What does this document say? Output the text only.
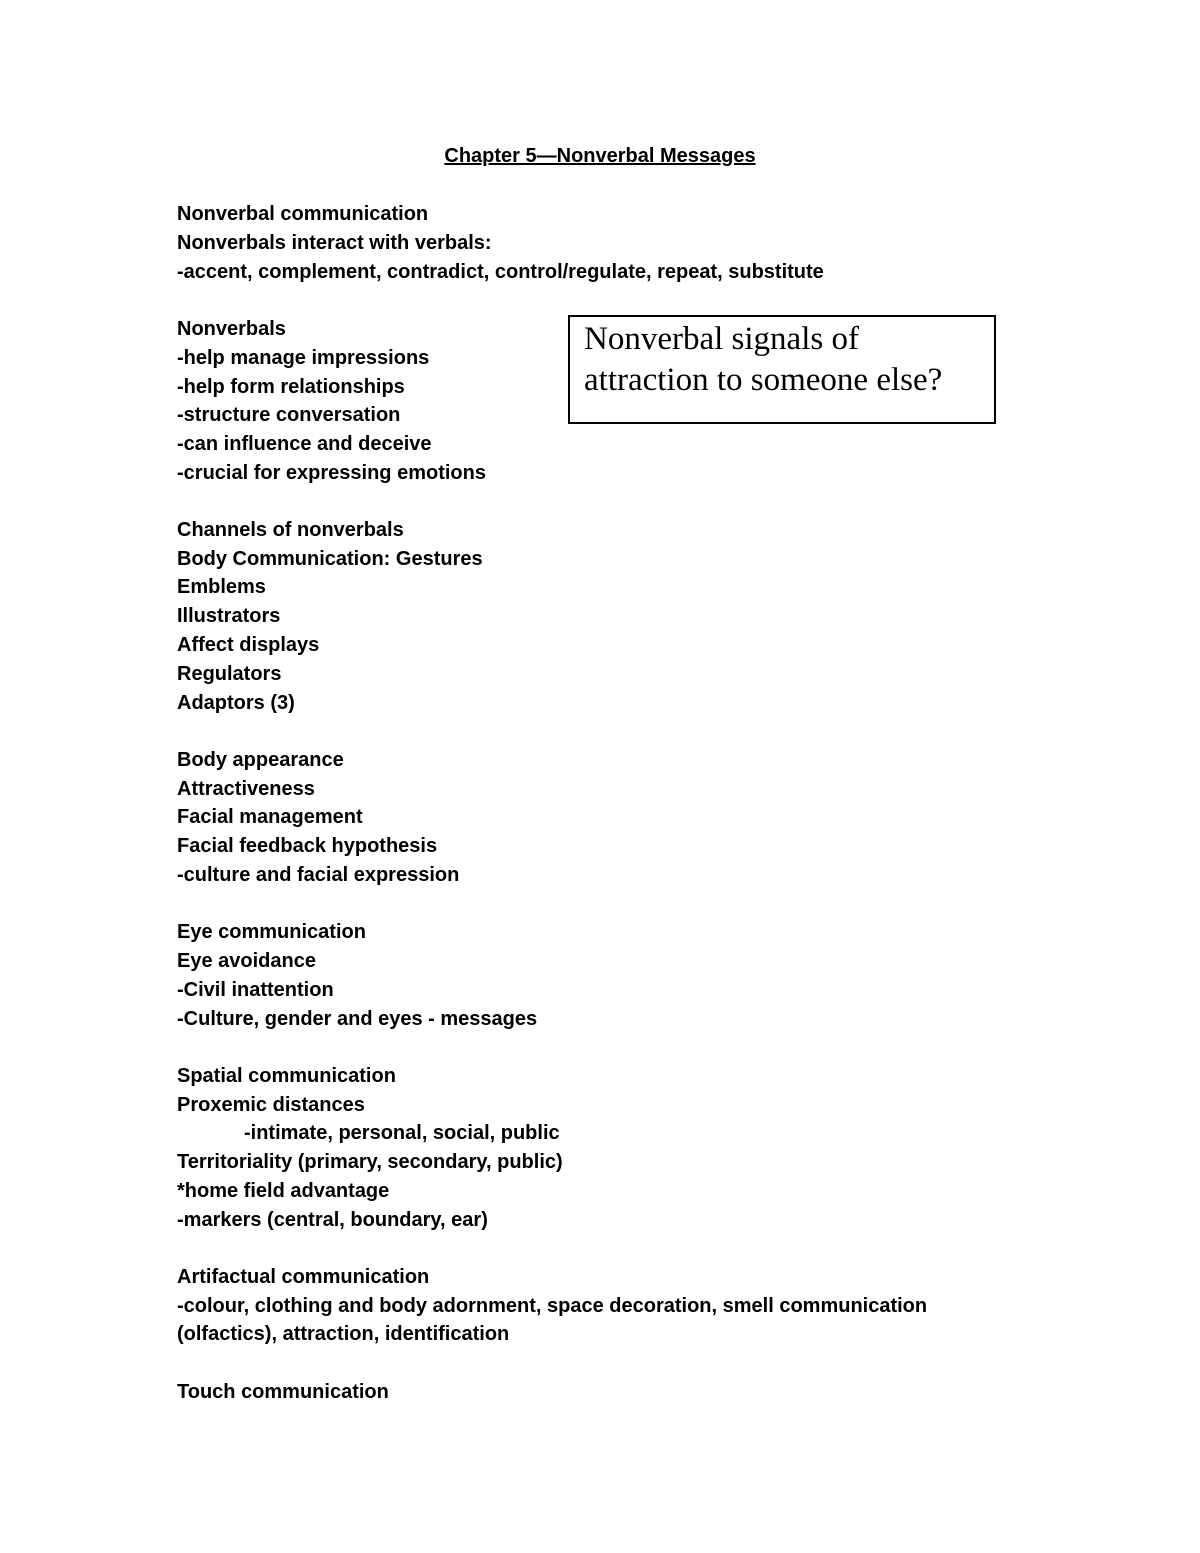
Chapter 5—Nonverbal Messages
Nonverbal communication
Nonverbals interact with verbals:
-accent, complement, contradict, control/regulate, repeat, substitute
Nonverbals
-help manage impressions
-help form relationships
-structure conversation
-can influence and deceive
-crucial for expressing emotions
Channels of nonverbals
Body Communication: Gestures
Emblems
Illustrators
Affect displays
Regulators
Adaptors (3)
Body appearance
Attractiveness
Facial management
Facial feedback hypothesis
-culture and facial expression
Eye communication
Eye avoidance
-Civil inattention
-Culture, gender and eyes - messages
Spatial communication
Proxemic distances
-intimate, personal, social, public
Territoriality (primary, secondary, public)
*home field advantage
-markers (central, boundary, ear)
Artifactual communication
-colour, clothing and body adornment, space decoration, smell communication
(olfactics), attraction, identification
Touch communication
Nonverbal signals of
attraction to someone else?
